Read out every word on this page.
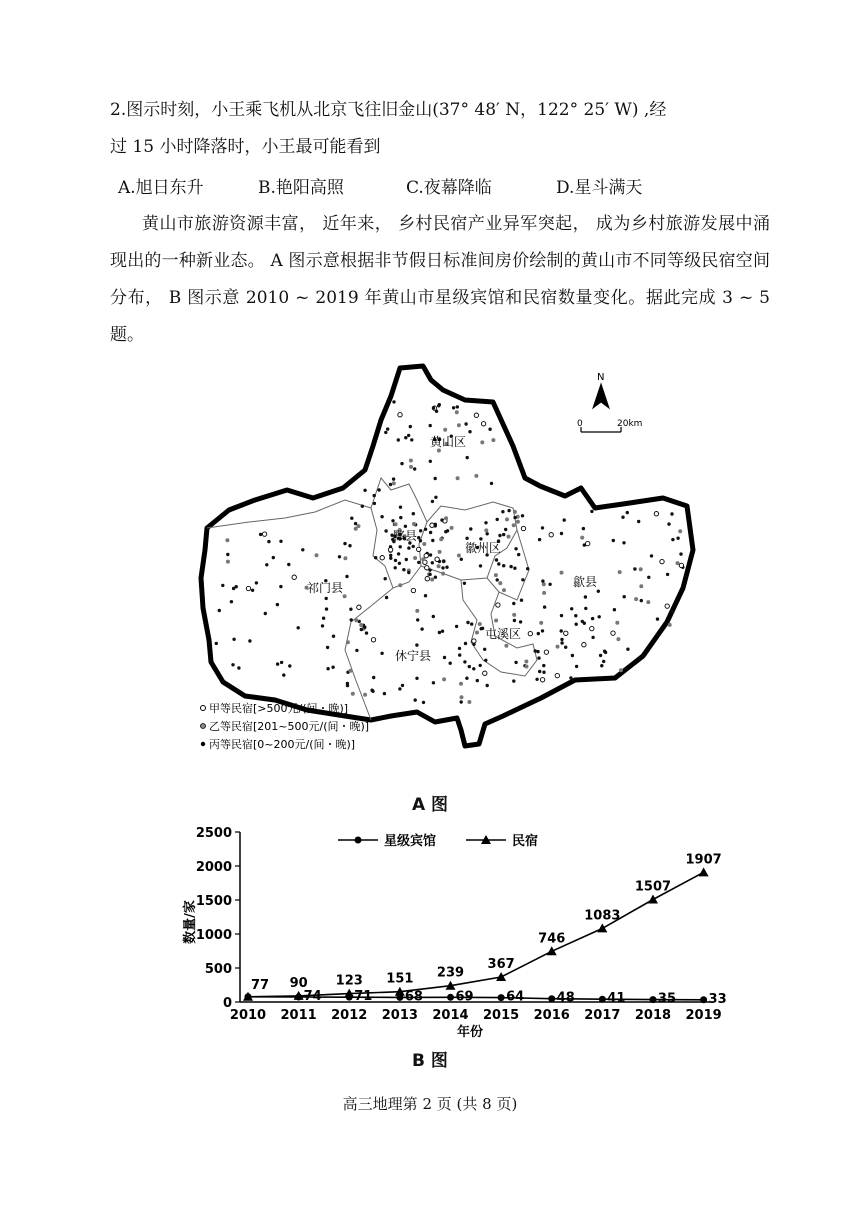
2.图示时刻，小王乘飞机从北京飞往旧金山(37° 48′ N，122° 25′ W) ,经
过 15 小时降落时，小王最可能看到

A.旭日东升	B.艳阳高照	C.夜幕降临	D.星斗满天

黄山市旅游资源丰富， 近年来， 乡村民宿产业异军突起， 成为乡村旅游发展中涌现出的一种新业态。 A 图示意根据非节假日标准间房价绘制的黄山市不同等级民宿空间分布， B 图示意 2010 ~ 2019 年黄山市星级宾馆和民宿数量变化。据此完成 3 ~ 5 题。

黄山区
黟县
徽州区
歙县
祁门县
屯溪区
休宁县
N
0	20km
甲等民宿[>500元/(间・晚)]
乙等民宿[201~500元/(间・晚)]
丙等民宿[0~200元/(间・晚)]
A 图
数量/家
年份
星级宾馆	民宿
0
500
1000
1500
2000
2500
2010 2011 2012 2013 2014 2015 2016 2017 2018 2019
77
74	71	68	69	64	48	41	35	33
90 123 151 239
367
746
1083
1507
1907
B 图
高三地理第 2 页 (共 8 页)
